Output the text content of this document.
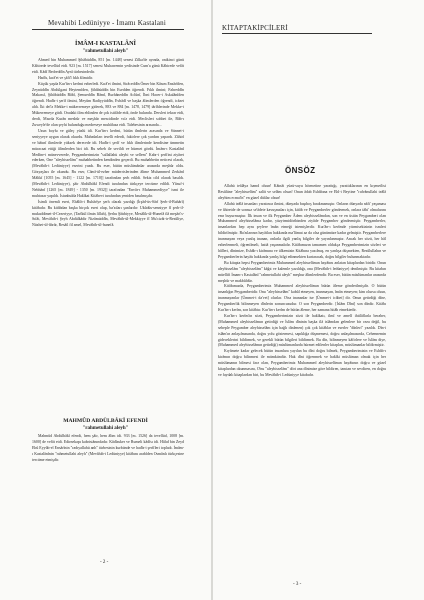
Mevahibi Ledüniyye - İmamı Kastalani
İMÂM-I KASTALÂNÎ
"rahmetullahi aleyh"

Ahmed bin Muhammed Şihâbüddîn, 851 [m. 1448] senesi Zilka'de ayında, onikinci günü Kâhirede tevellüd etdi. 923 [m. 1517] senesi Muharremin yedisinde Cum'a günü Kâhirede vefât etdi. Kâdî Bedreddîn Aynî türbesindedir.

Hadîs, kırâ'et ve şâfi'î fıkh âlimidir.

Küçük yaşda Kur'ân-ı kerîmi ezberledi. Kırâ'et ilmini, Sirâceddîn Ömer bin Kâsım Ensârîden, Zeynüddîn Abdülgani Heytemîden, Şihâbüddîn bin Esedden öğrendi. Fıkh ilmini; Fahreddîn Makassî, Şihâbüddîn Bâbî, Şemseddîn Bâmî, Burhâneddîn Aclûnî, İbni Hacer-i Askalânîden öğrendi. Hadîs-i şerîf ilmini, Meyûm Radiyyüddîn, Evhâdî ve başka âlimlerden öğrendi, icâzet aldı. İki def'a Mekke-i mükerremeye giderek, 883 ve 884 [m. 1478, 1479] târîhlerinde Mekke-i Mükerremeye gitdi. Oradaki ilim ehlinden de çok istifâde etdi, önde bulundu. Dersleri tekrar etdi, derdi, Mısrda Kurân mesbûr ve meşhûr mescidinde va'z etdi. Meclisleri sohbet ile, Bâb-ı Zuweyle'de olan şeyhi bulunduğu medreseye muhâfaza etdi. Talebesinin arasında...

Uzun boylu ve güleç yüzlü idi. Kur'ân-ı kerîmi, bütün ilmlerin arasında ve Sünnet-i seniyyeye uygun olarak okurdu. Mahzûnları teselli ederdi, fakirlere çok yardım yapardı. Zâhirî ve bâtınî ilimlerde yüksek derecede idi. Hadîs-i şerîf ve fıkh ilimlerinde kendisine ümmetin müracaat ettiği âlimlerden biri idi. Bu sebeb ile sevildi ve hürmet gördü. İmâm-ı Kastalânî Medîne-i münevverede, Peygamberimizin "sallallahü aleyhi ve sellem" Kabr-i şerîfini ziyâret ederken, One "aleyhisselâm" muhabbetinden kendinden geçerdi. Bu muhabbetin neticesi olarak, (Mevâhib-i Ledüniyye) eserini yazdı. Bu eser, bütün müslümânlar arasında meşhûr oldu. Gözyaşları ile okundu. Bu eser, Câmî-ül-ezher müderrislerinden âlime Muhammed Zerkânî Mâlikî [1055 [m. 1645] - 1122 [m. 1710]] tarafından şerh edildi. Sekiz cild olarak basıldı. (Mevâhib-i Ledüniyye), şâir Abdülbâkî Efendi tarafından türkçeye tercüme edildi. Yûsuf-i Nebhânî [1265 [m. 1849] - 1350 [m. 1932]] tarafından "Envâr-ı Muhammediyye" ismi ile muhtasar yapıldı. İstanbulda Hakîkat Kitâbevi tarafından yeniden basılmışdır.

İsimli önemli eseri, Ebâlih-i Buhârîye şerh olarak yazdığı (İrşâd-üs-Sârî Şerh-il-Buhârî) kitâbıdır. Bu kitâbdan başka birçok eseri olup, ba'zıları şunlardır: Ukûdüs-senniyye fî şerh-il-mukaddimet-il-Cezeriyye, (Tarîkül ilmin lillah), Şerhu Şâtıbiyye, Mesâlik-ül-Hunefâ ilâ meşâri's-Sıfât, Mevâhib-i Şeyh Abdülkâdir Nizâmüddîn, Mevâhib-ül-Mekkiyye fî Mu'cizât-ir-Resûliye, Nüzhet-ül-âbrâr, Resâil fil amel, Mevâhib-ül-hunefâ.

MAHMÛD ABDÜLBÂKÎ EFENDİ
"rahmetullahi aleyh"

Mahmûd Abdülbâkî efendi, hem şâir, hem âlim idi. 933 [m. 1526] da tevellüd, 1008 [m. 1600] de vefât etdi. Edirnekapı kabristânındadır. Kâdîasker ve Rumeli kâdîsı idi. Hâlıd bin Zeyd Ebû Eyyûb-el Ensârînin "radıyallahü anh" türbesinin kurbünde ve hadîs-i şerîfleri topladı. İmâm-ı Kastalânînin "rahmetullahi aleyh" (Mevâhib-i Ledüniyye) kitâbını arabîden Osmânlı türkçesine tercüme etmişdir.

- 2 -
KİTAPTAKİPCİLERİ
ÖNSÖZ

Allahü teâlâya hamd olsun! Kâinât yüzü-suyu hörmetine yarattığı, yarattıklarının en kıymetlisi Resûlüne "aleyhisselâm" salât ve selâm olsun! Onun âdab Eshâbına ve Ehl-i Beytine "rıdvânullahi teâlâ aleyhim ecma'în" en güzel düâlar olsun!

Allahü teâlâ insanları yaratınca ilmini, dünyada başıboş bırakmamıştır. Onların dünyada nâfi' yaşaması ve âhiretde de sonsuz se'âdete kavuşmaları için, kitâb ve Peygamberler göndermek, onlara tâbi' olmalarını emr buyurmuştur. İlk insan ve ilk Peygamber Âdem aleyhisselâmdan, son ve en üstün Peygamberi olan Muhammed aleyhisselâma kadar, yüzyirmidörtbinden ziyâde Peygamber göndermiştir. Peygamberler, insanlardan hep aynı şeylere îmân etmeği istemişlerdir. Kur'ân-ı kerîmde yürmisekizinin ismleri bildirilmiştir. Ba'zılarının hayâtları hakkında ma'lûmat az da olsa günümüze kadar gelmiştir. Peygamberlere inanmayan veya yanlış inanan, onlarla ilgili yanlış bilgiler de yayınlanmıştır. Ancak her sözü, her hâl ezberlenmeli, öğrenilmeli, hattâ yaşanmalıdır. Kitâbımızın tamamen oldukça Peygamberimizin sözleri ve hâlleri, dînimize, Eshâb-ı kirâmına ve ülkemizin Kitâbına yazılmış, en yanlışa düşmekten, Resûlullahın ve Peygamberlerin hayâtı hakkında yanlış bilgi edinmekten kurtaracak, doğru bilgiler bulunmaktadır.

Bu kitapta hepsi Peygamberimiz Muhammed aleyhisselâmın hayâtını anlatan kitaplardan biridir. Onun aleyhisselâm "aleyhisselâm" kâğıt ve kalemle yazıldığı, ona (Mevâhib-i ledüniyye) denilmiştir. Bu kitabın müellifi İmam-ı Kastalânî "rahmetullahi aleyh" meşhur âlimlerdendir. Bu eser, bütün müslümanlar arasında meşhûr ve makbûldür.

Kitâbımızda, Peygamberimiz Muhammed aleyhisselâmın bütün âleme gönderilmişdir. O bütün insanlığın Peygamberidir. Onu "aleyhisselâm" kabûl etmeyen, inanmayan, îmân etmeyen; kim olursa olsun, inanmayanlar [Ümmet-i da'vet] olurlar. O'na inananlar ise [Ümmet-i icâbet] dir. Onun getirdiği dîne, Peygamberlik bilinmeyen dînlerin sonuncusudur. O son Peygamberdir. [İslâm Dîni] son dîndir. Kitâbı Kur'ân-ı kerîm, son kitâbtır. Kur'ân-ı kerîm de bütün âleme, her zamana hitâb etmektedir.

Kur'ân-ı kerîm'in sözü, Peygamberimizin sözü ile hakîkatı, ilmî ve amelî ihtilâflarla beraber, (Muhammed aleyhisselâmın getirdiği ve İslâm dîninin başka ilâ islâmdan gelenlere bir ceza değil, bu sebeple Peygamber aleyhisselâm için bağlı dinlenen) çok çok kitâblar ve eserler "dînleri" yazıldı. Dîn-i islâm'ın anlaşılmasında, doğru yolu göstermesi, sapıklığa düşmemesi, doğru anlaşılmasında, Cehennemin gideceklerini bildirmek, ve gerekli bütün bilgileri bildirmek. Bu dîn, bilinmeyen kâfirlere ve İslâm diye, (Muhammed aleyhisselâmın getirdiği) müslümanlarda hürmet edilenler kitapları, müslümanlar bildirmiştir.

Kıyâmete kadar gelecek bütün insanlara yayılan bu dîni doğru bilmek, Peygamberimizin ve Eshâb-ı kirâmın doğru bilinmesi ile mümkündür. Hak dîni öğrenmek ve hakîki müslüman olmak için her müslümanın bilmesi farz olan, Peygamberimiz Muhammed aleyhisselâmın hayâtının doğru ve güzel kitaplardan okunmasını, O'nu "aleyhisselâm" dört ana dînimize göre bildiren, tanıtan ve sevdiren, en doğru ve faydalı kitaplardan biri, bu Mevâhib-i Ledüniyye kitabıdır.

- 3 -
